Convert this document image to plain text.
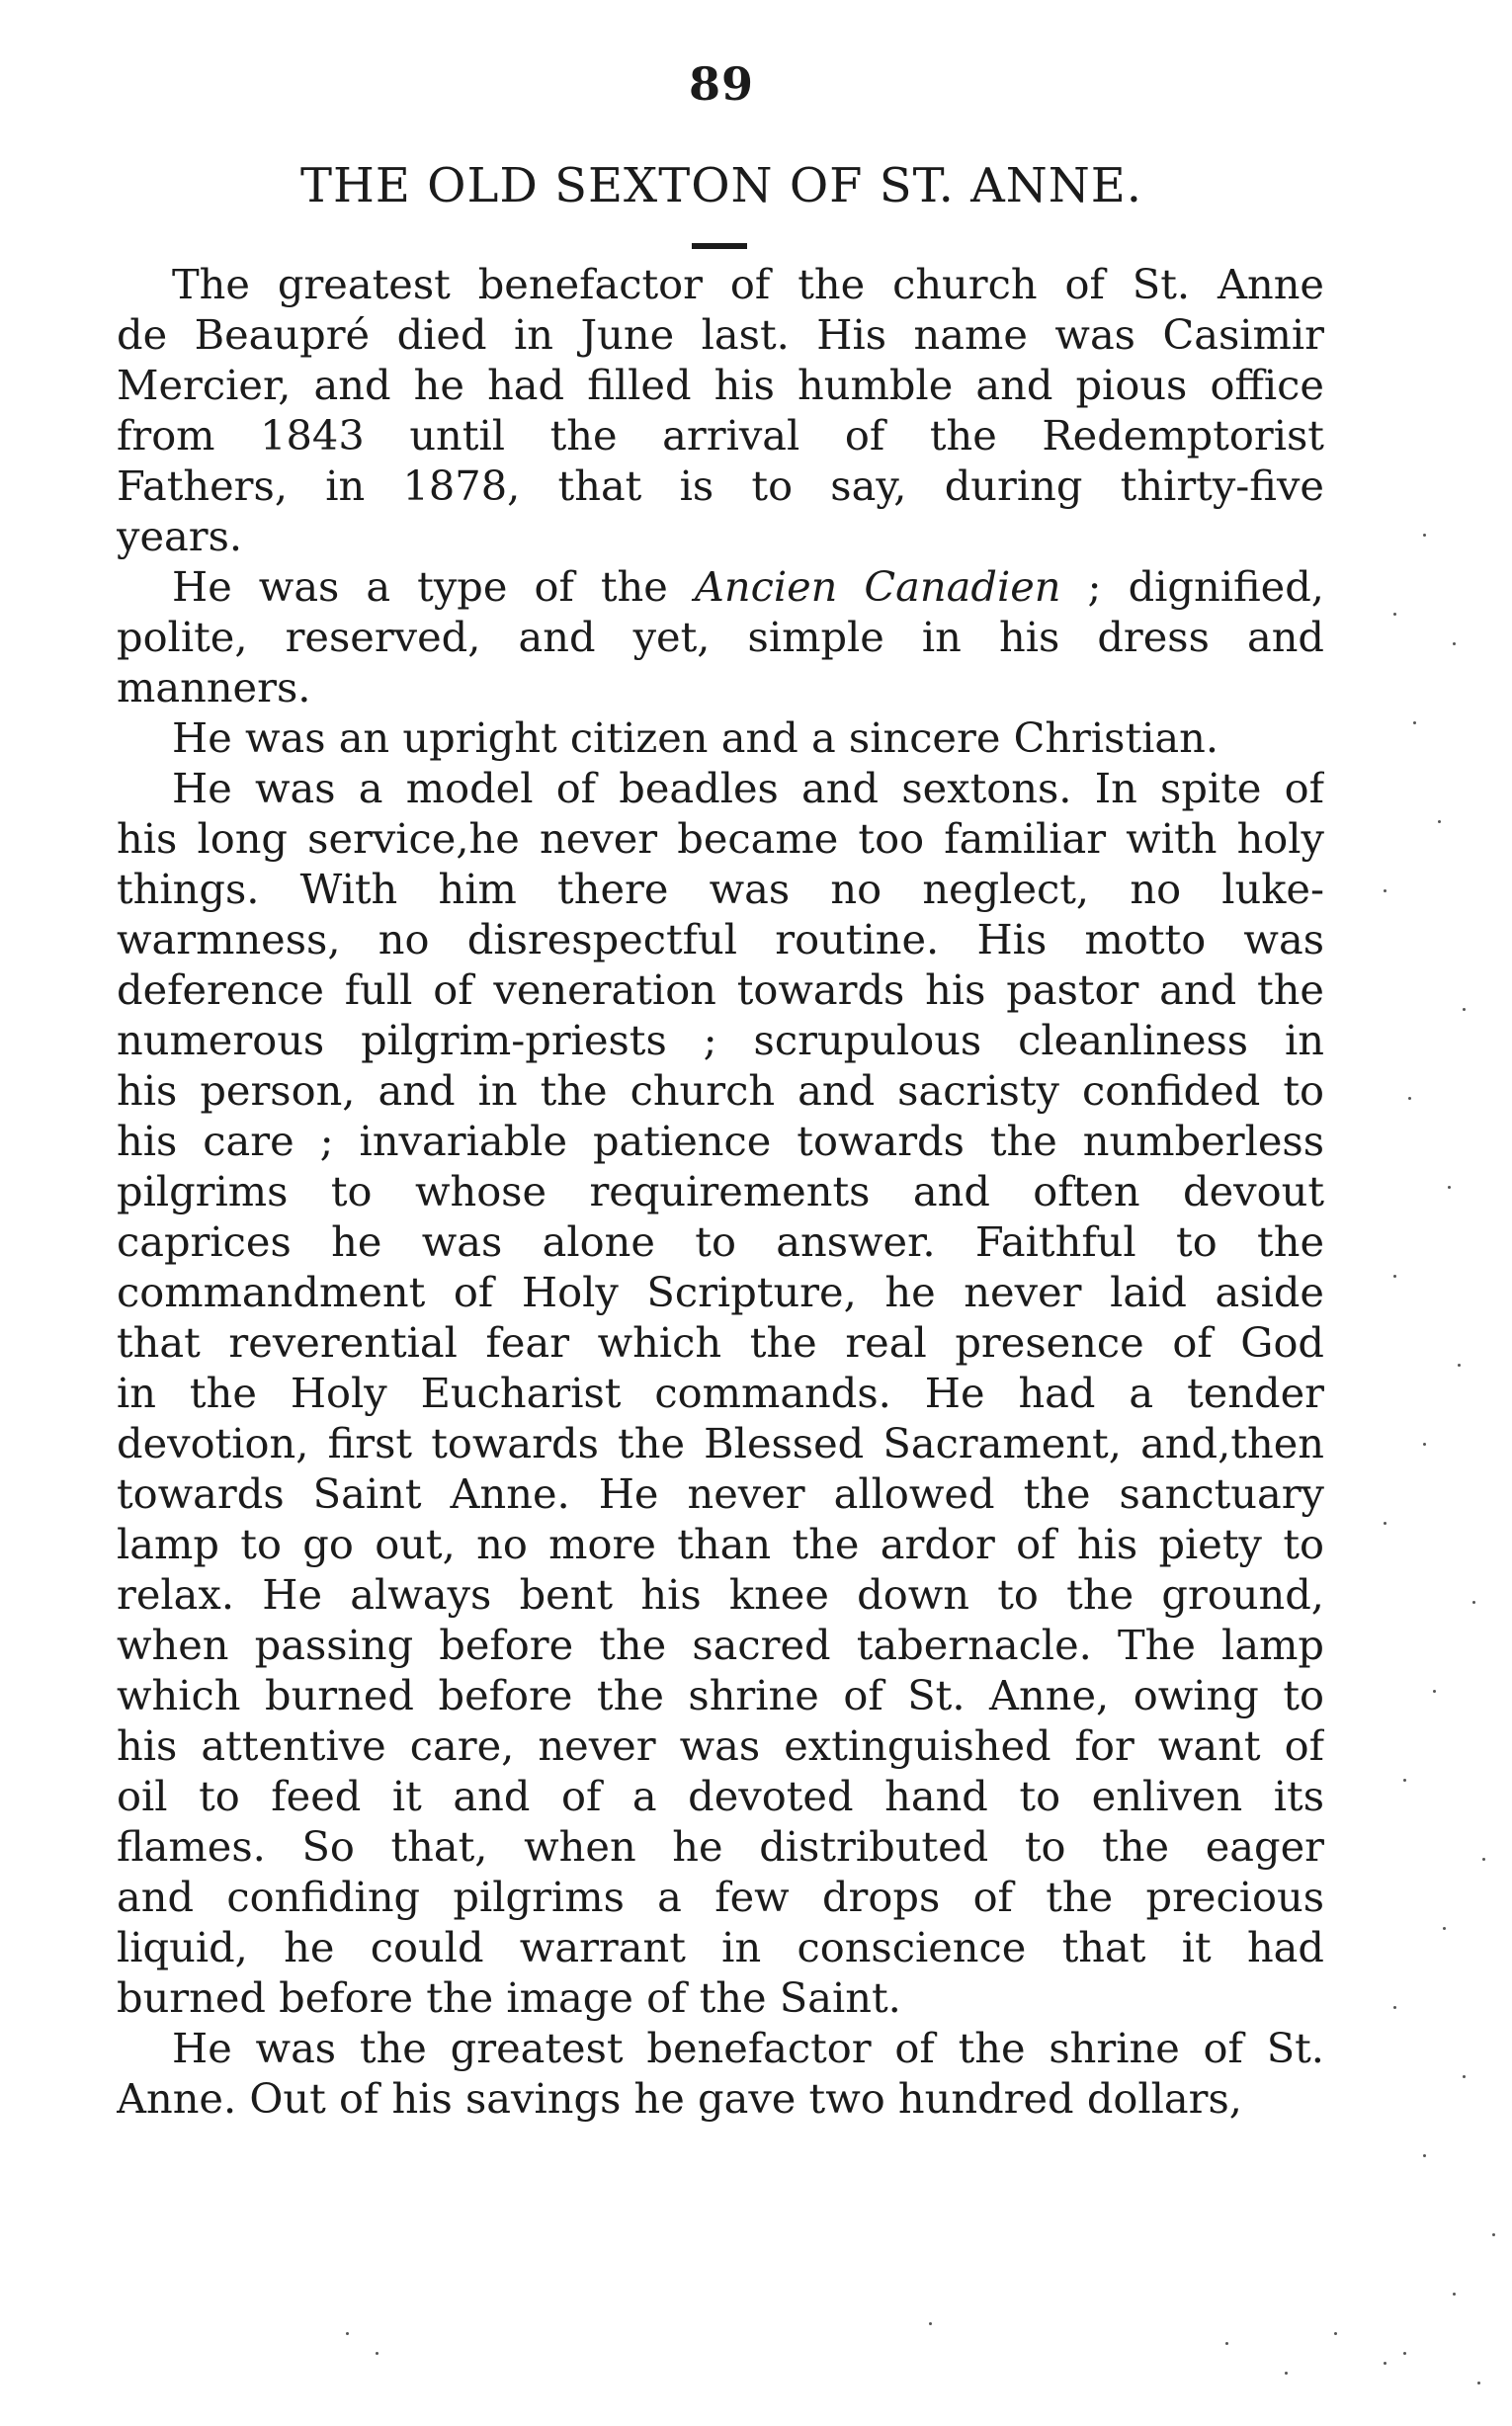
89
THE OLD SEXTON OF ST. ANNE.
The greatest benefactor of the church of St. Anne
de Beaupré died in June last. His name was Casimir
Mercier, and he had filled his humble and pious office
from 1843 until the arrival of the Redemptorist
Fathers, in 1878, that is to say, during thirty-five
years.
He was a type of the Ancien Canadien ; dignified,
polite, reserved, and yet, simple in his dress and
manners.
He was an upright citizen and a sincere Christian.
He was a model of beadles and sextons. In spite of
his long service,he never became too familiar with holy
things. With him there was no neglect, no luke-
warmness, no disrespectful routine. His motto was
deference full of veneration towards his pastor and the
numerous pilgrim-priests ; scrupulous cleanliness in
his person, and in the church and sacristy confided to
his care ; invariable patience towards the numberless
pilgrims to whose requirements and often devout
caprices he was alone to answer. Faithful to the
commandment of Holy Scripture, he never laid aside
that reverential fear which the real presence of God
in the Holy Eucharist commands. He had a tender
devotion, first towards the Blessed Sacrament, and,then
towards Saint Anne. He never allowed the sanctuary
lamp to go out, no more than the ardor of his piety to
relax. He always bent his knee down to the ground,
when passing before the sacred tabernacle. The lamp
which burned before the shrine of St. Anne, owing to
his attentive care, never was extinguished for want of
oil to feed it and of a devoted hand to enliven its
flames. So that, when he distributed to the eager
and confiding pilgrims a few drops of the precious
liquid, he could warrant in conscience that it had
burned before the image of the Saint.
He was the greatest benefactor of the shrine of St.
Anne. Out of his savings he gave two hundred dollars,
